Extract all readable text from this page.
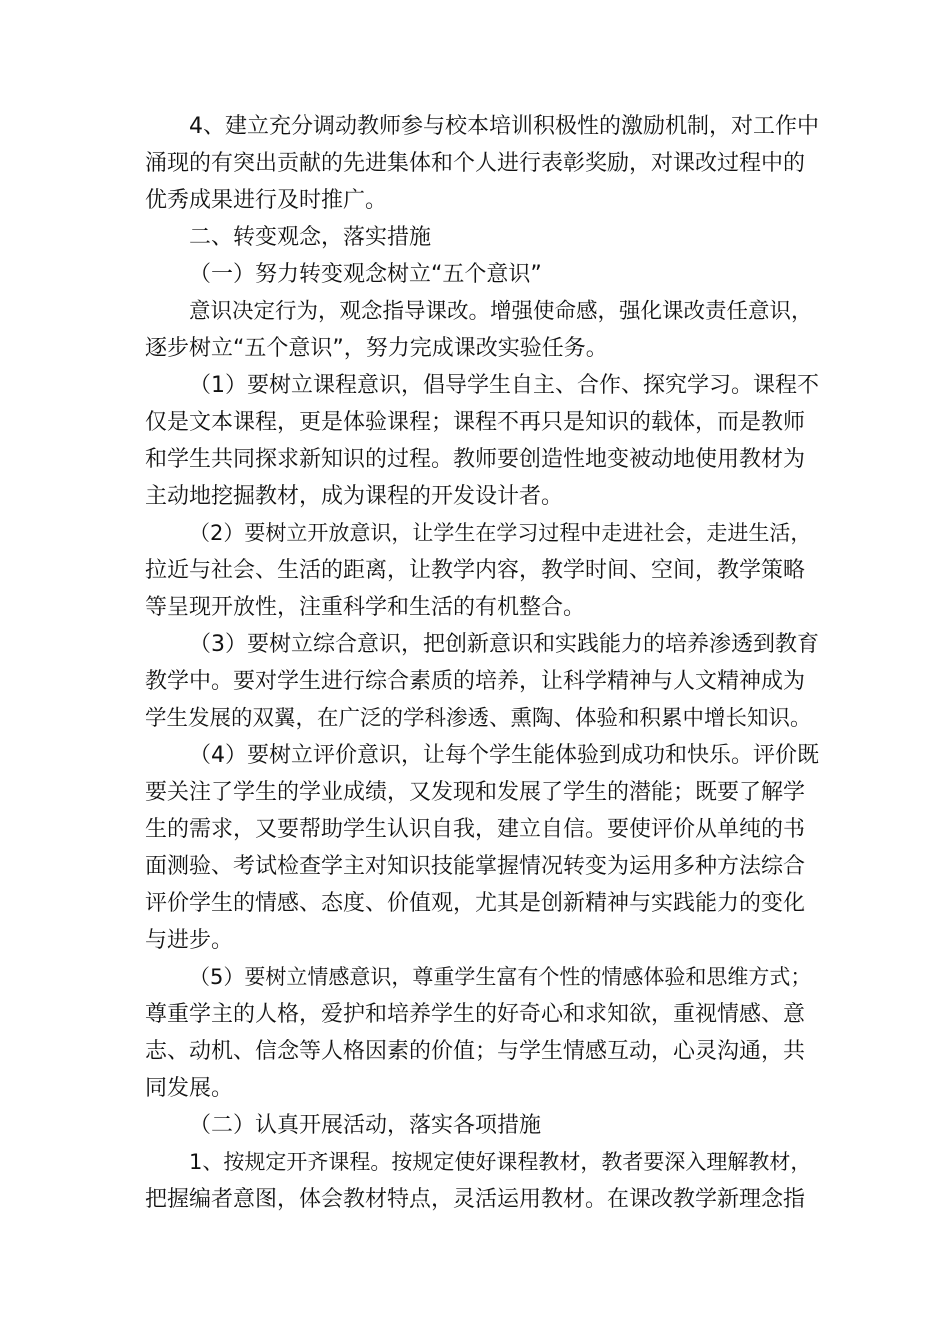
4、建立充分调动教师参与校本培训积极性的激励机制，对工作中
涌现的有突出贡献的先进集体和个人进行表彰奖励，对课改过程中的
优秀成果进行及时推广。
二、转变观念，落实措施
（一）努力转变观念树立“五个意识”
意识决定行为，观念指导课改。增强使命感，强化课改责任意识，
逐步树立“五个意识”，努力完成课改实验任务。
（1）要树立课程意识，倡导学生自主、合作、探究学习。课程不
仅是文本课程，更是体验课程；课程不再只是知识的载体，而是教师
和学生共同探求新知识的过程。教师要创造性地变被动地使用教材为
主动地挖掘教材，成为课程的开发设计者。
（2）要树立开放意识，让学生在学习过程中走进社会，走进生活，
拉近与社会、生活的距离，让教学内容，教学时间、空间，教学策略
等呈现开放性，注重科学和生活的有机整合。
（3）要树立综合意识，把创新意识和实践能力的培养渗透到教育
教学中。要对学生进行综合素质的培养，让科学精神与人文精神成为
学生发展的双翼，在广泛的学科渗透、熏陶、体验和积累中增长知识。
（4）要树立评价意识，让每个学生能体验到成功和快乐。评价既
要关注了学生的学业成绩，又发现和发展了学生的潜能；既要了解学
生的需求，又要帮助学生认识自我，建立自信。要使评价从单纯的书
面测验、考试检查学主对知识技能掌握情况转变为运用多种方法综合
评价学生的情感、态度、价值观，尤其是创新精神与实践能力的变化
与进步。
（5）要树立情感意识，尊重学生富有个性的情感体验和思维方式；
尊重学主的人格，爱护和培养学生的好奇心和求知欲，重视情感、意
志、动机、信念等人格因素的价值；与学生情感互动，心灵沟通，共
同发展。
（二）认真开展活动，落实各项措施
1、按规定开齐课程。按规定使好课程教材，教者要深入理解教材，
把握编者意图，体会教材特点，灵活运用教材。在课改教学新理念指
